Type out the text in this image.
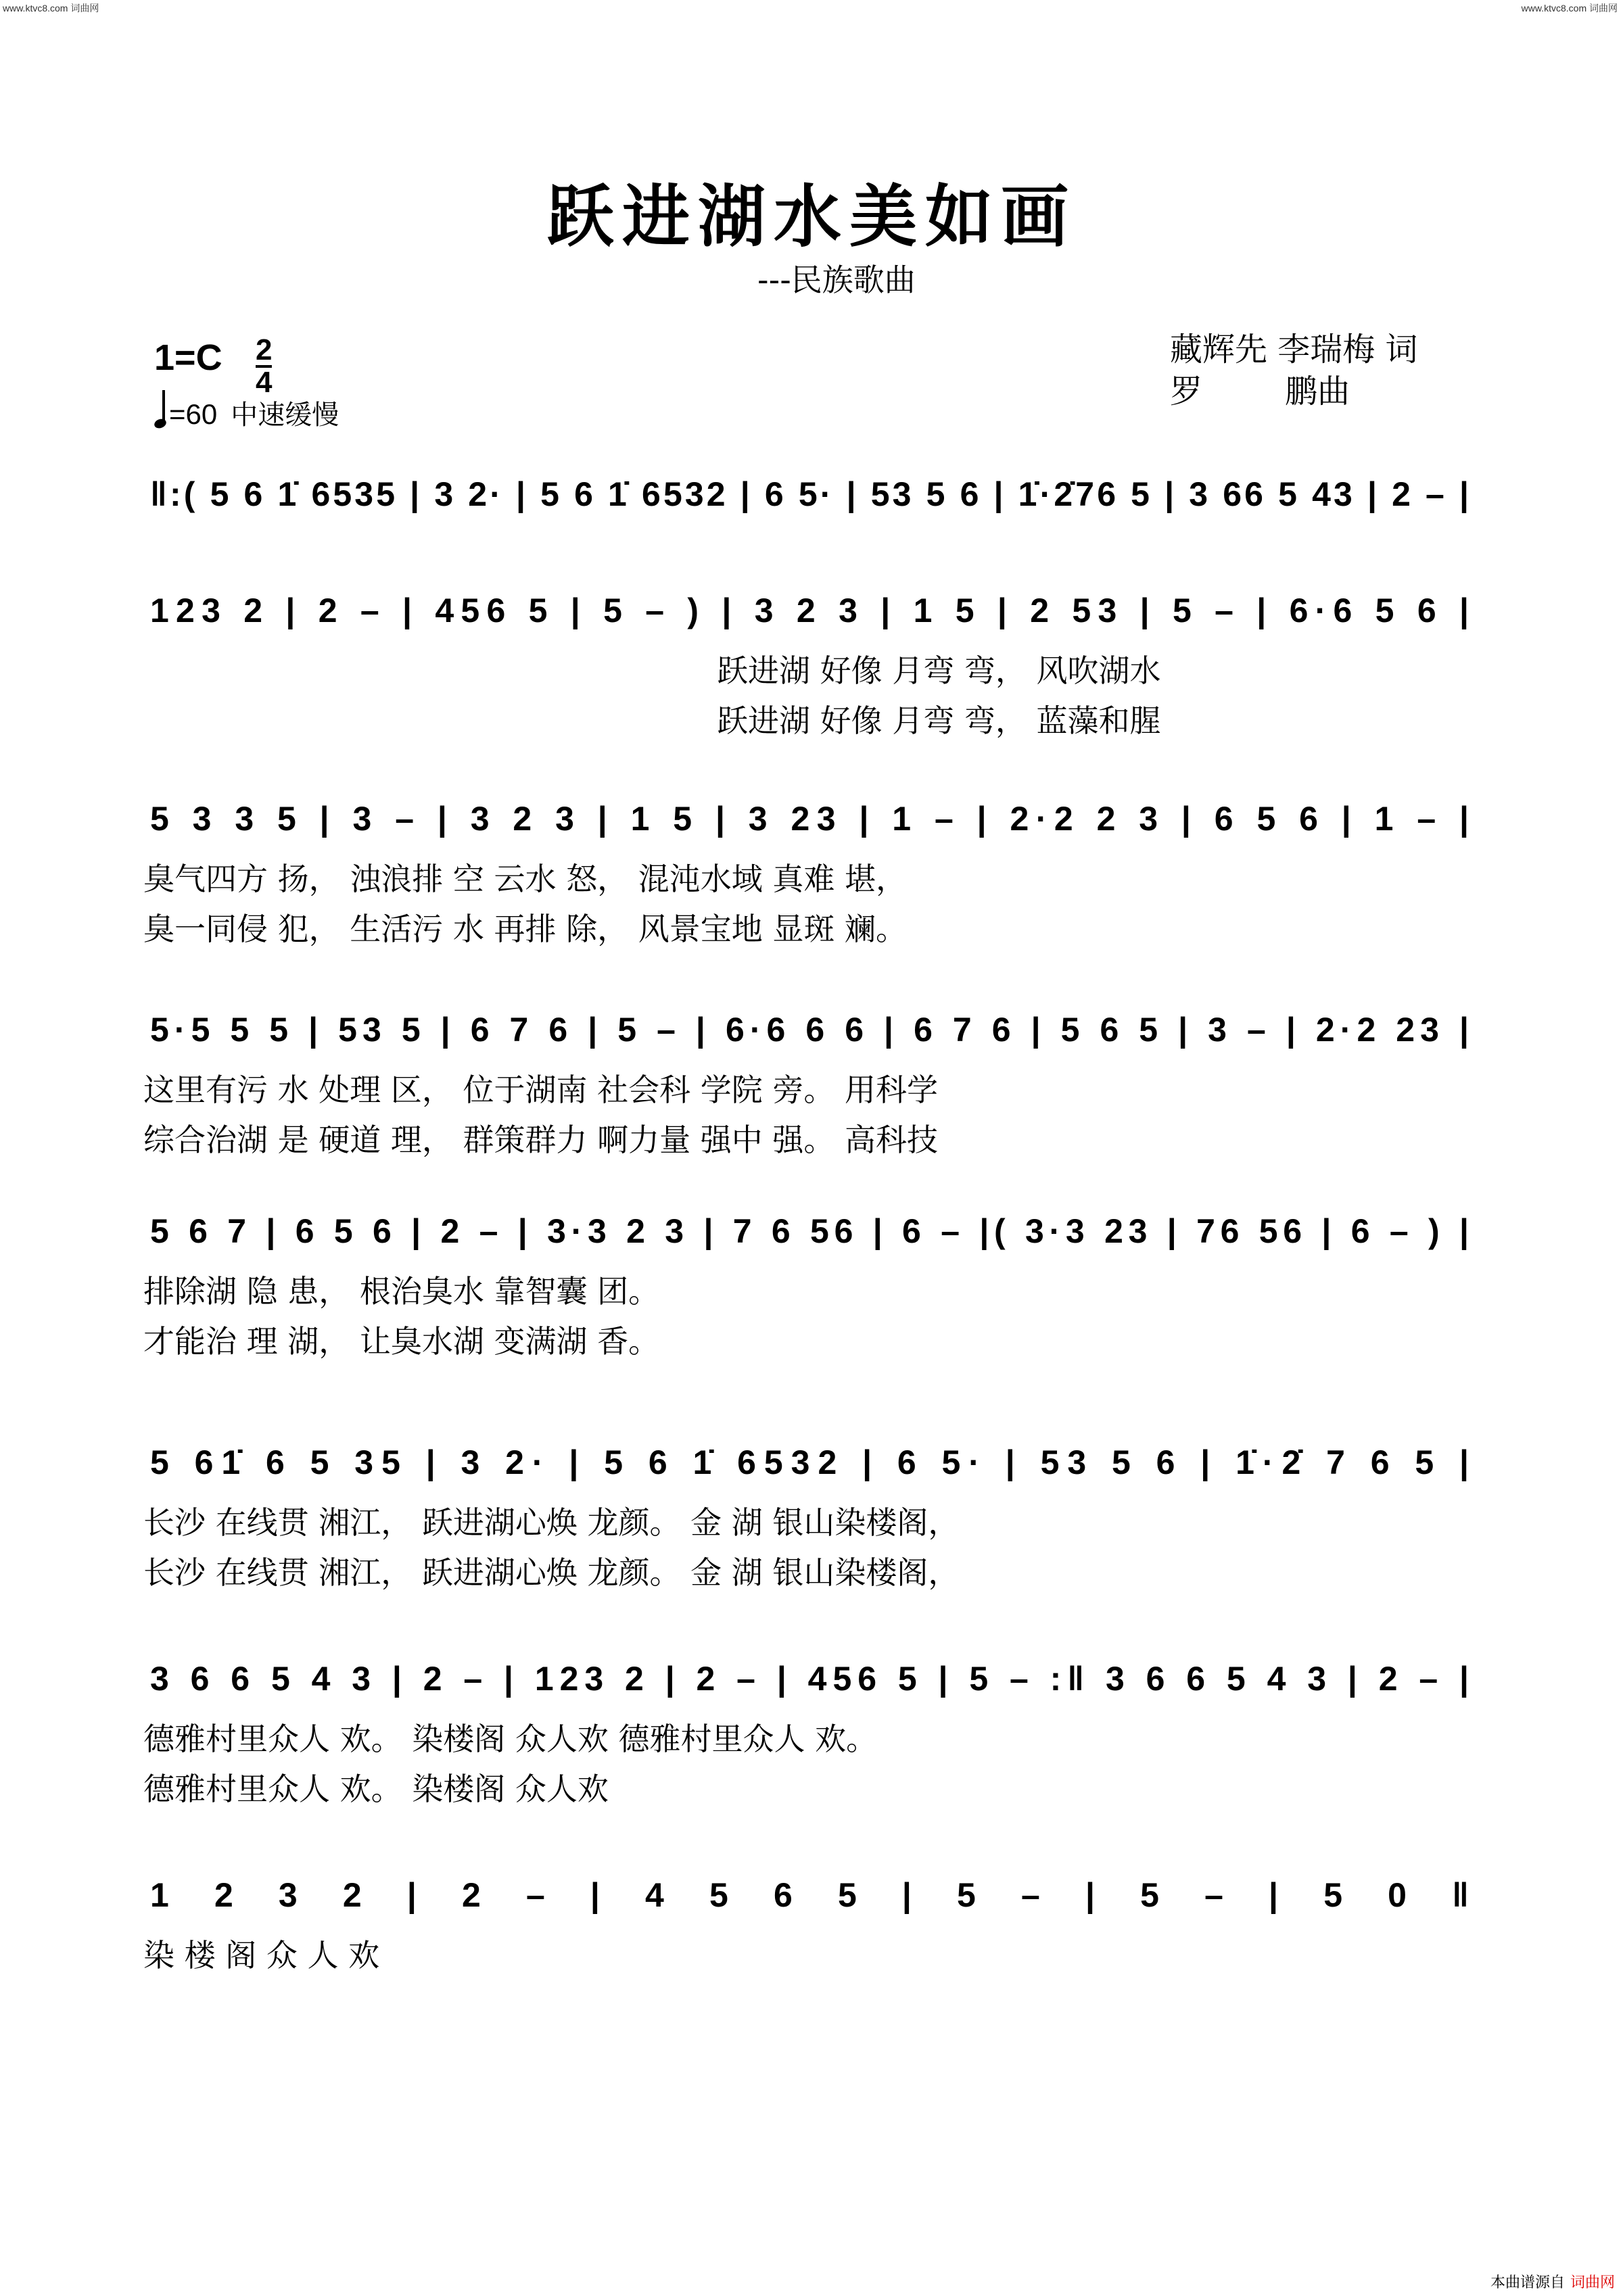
www.ktvc8.com 词曲网	www.ktvc8.com 词曲网
跃进湖水美如画
---民族歌曲
藏辉先 李瑞梅 词
罗        鹏曲
1=C 2
4
=60 中速缓慢
‖:( 5 6 1̇ 6535 | 3 2· | 5 6 1̇ 6532 | 6 5· | 53 5 6 | 1̇·2̇76 5 | 3 66 5 43 | 2 – |
123 2 | 2 – | 456 5 | 5 – ) | 3 2 3 | 1 5 | 2 53 | 5 – | 6·6 5 6 |
跃进湖 好像 月弯 弯， 风吹湖水
跃进湖 好像 月弯 弯， 蓝藻和腥
5 3 3 5 | 3 – | 3 2 3 | 1 5 | 3 23 | 1 – | 2·2 2 3 | 6 5 6 | 1 – |
臭气四方 扬， 浊浪排 空 云水 怒， 混沌水域 真难 堪，
臭一同侵 犯， 生活污 水 再排 除， 风景宝地 显斑 斓。
5·5 5 5 | 53 5 | 6 7 6 | 5 – | 6·6 6 6 | 6 7 6 | 5 6 5 | 3 – | 2·2 23 |
这里有污 水 处理 区， 位于湖南 社会科 学院 旁。 用科学
综合治湖 是 硬道 理， 群策群力 啊力量 强中 强。 高科技
5 6 7 | 6 5 6 | 2 – | 3·3 2 3 | 7 6 56 | 6 – |( 3·3 23 | 76 56 | 6 – ) |
排除湖 隐 患， 根治臭水 靠智囊 团。
才能治 理 湖， 让臭水湖 变满湖 香。
5 61̇ 6 5 35 | 3 2· | 5 6 1̇ 6532 | 6 5· | 53 5 6 | 1̇·2̇ 7 6 5 |
长沙 在线贯 湘江， 跃进湖心焕 龙颜。 金 湖 银山染楼阁，
长沙 在线贯 湘江， 跃进湖心焕 龙颜。 金 湖 银山染楼阁，
3 6 6 5 4 3 | 2 – | 123 2 | 2 – | 456 5 | 5 – :‖ 3 6 6 5 4 3 | 2 – |
德雅村里众人 欢。 染楼阁 众人欢 德雅村里众人 欢。
德雅村里众人 欢。 染楼阁 众人欢
1 2 3 2 | 2 – | 4 5 6 5 | 5 – | 5 – | 5 0 ‖
染 楼 阁 众 人 欢
本曲谱源自 词曲网
